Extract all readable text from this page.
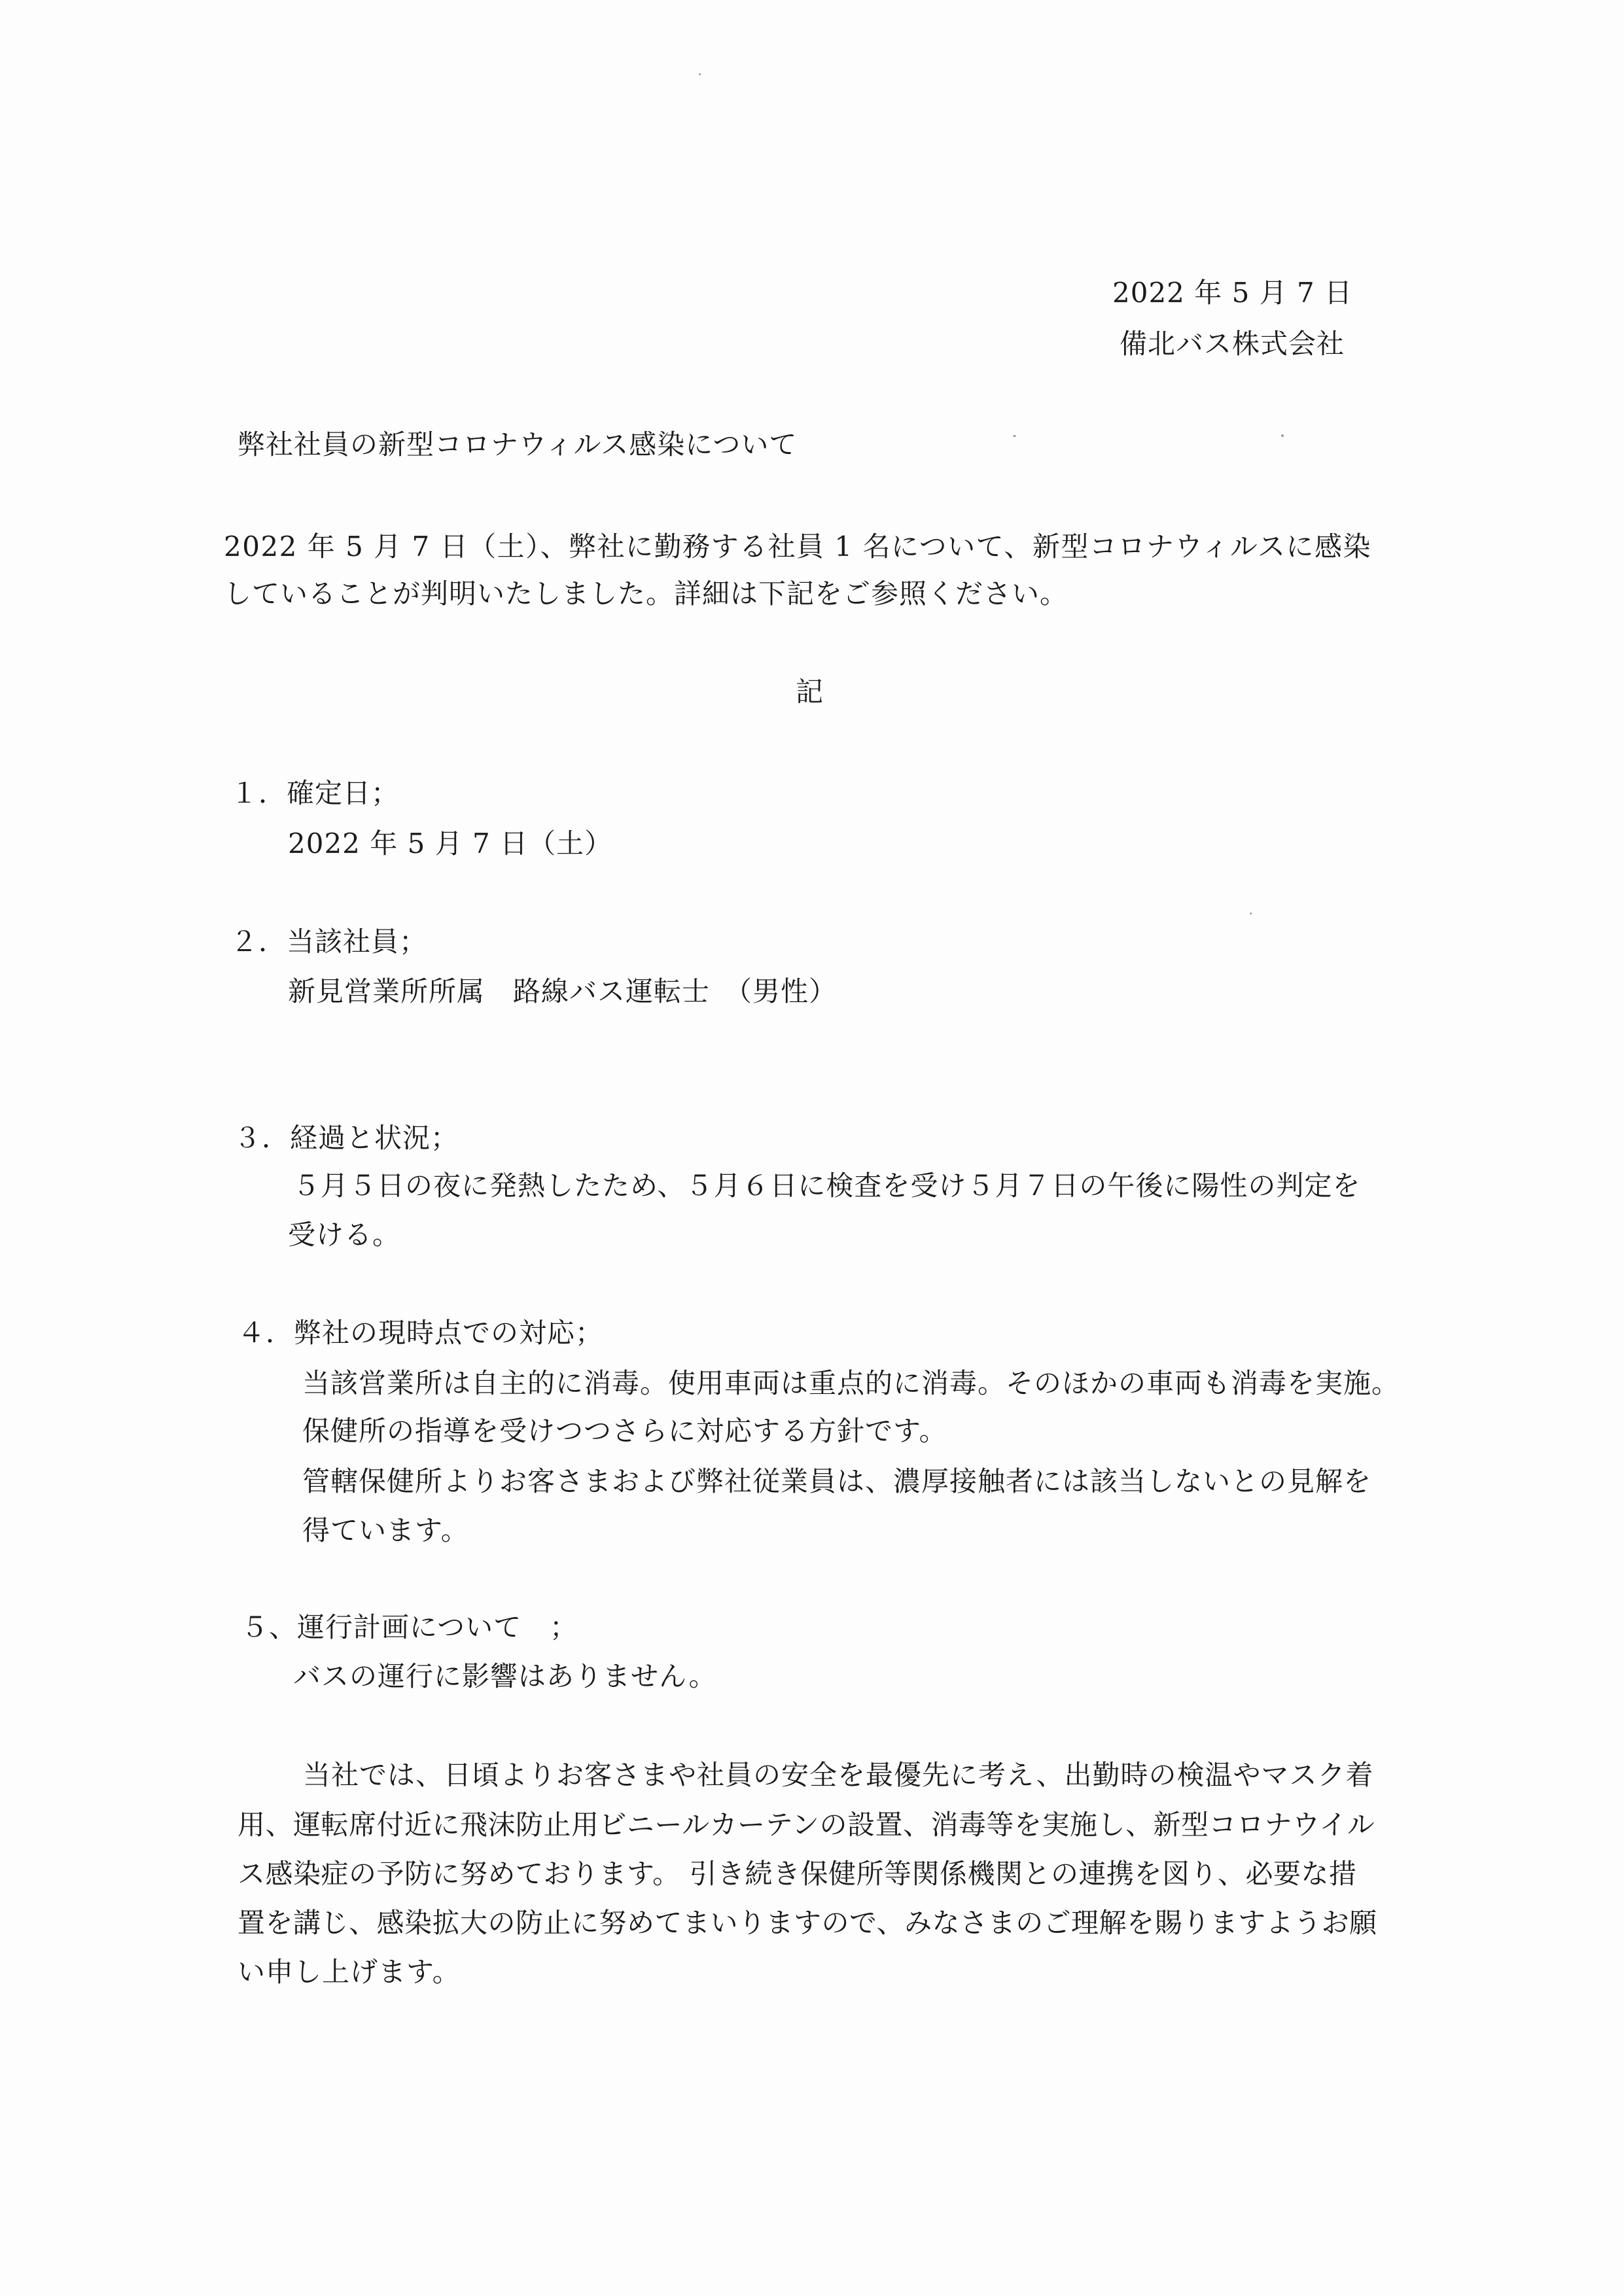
2022 年 5 月 7 日
備北バス株式会社
弊社社員の新型コロナウィルス感染について
2022 年 5 月 7 日（土）、弊社に勤務する社員 1 名について、新型コロナウィルスに感染
していることが判明いたしました。詳細は下記をご参照ください。
記
１．確定日；
2022 年 5 月 7 日（土）
２．当該社員；
新見営業所所属　路線バス運転士　（男性）
３．経過と状況；
５月５日の夜に発熱したため、５月６日に検査を受け５月７日の午後に陽性の判定を
受ける。
４．弊社の現時点での対応；
当該営業所は自主的に消毒。使用車両は重点的に消毒。そのほかの車両も消毒を実施。
保健所の指導を受けつつさらに対応する方針です。
管轄保健所よりお客さまおよび弊社従業員は、濃厚接触者には該当しないとの見解を
得ています。
５、運行計画について　；
バスの運行に影響はありません。
当社では、日頃よりお客さまや社員の安全を最優先に考え、出勤時の検温やマスク着
用、運転席付近に飛沫防止用ビニールカーテンの設置、消毒等を実施し、新型コロナウイル
ス感染症の予防に努めております。 引き続き保健所等関係機関との連携を図り、必要な措
置を講じ、感染拡大の防止に努めてまいりますので、みなさまのご理解を賜りますようお願
い申し上げます。
